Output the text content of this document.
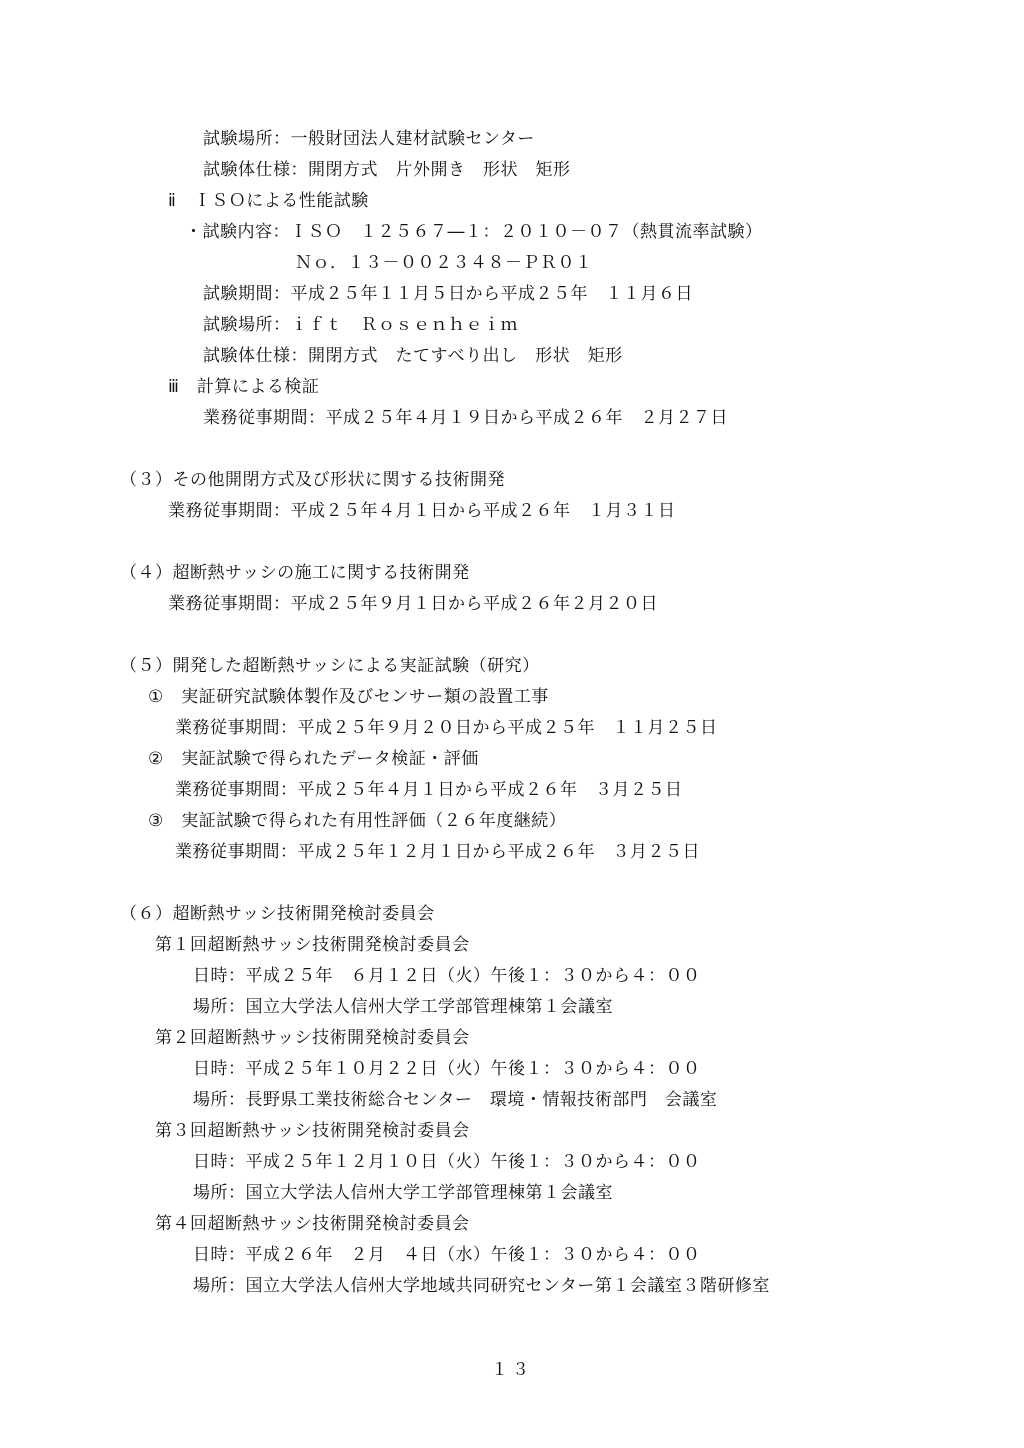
試験場所：一般財団法人建材試験センター
試験体仕様：開閉方式　片外開き　形状　矩形
ⅱ　ＩＳＯによる性能試験
・試験内容：ＩＳＯ　１２５６７―１：２０１０－０７（熱貫流率試験）
Ｎｏ．１３－００２３４８－ＰＲ０１
試験期間：平成２５年１１月５日から平成２５年　１１月６日
試験場所：ｉｆｔ　Ｒｏｓｅｎｈｅｉｍ
試験体仕様：開閉方式　たてすべり出し　形状　矩形
ⅲ　計算による検証
業務従事期間：平成２５年４月１９日から平成２６年　２月２７日
（３）その他開閉方式及び形状に関する技術開発
業務従事期間：平成２５年４月１日から平成２６年　１月３１日
（４）超断熱サッシの施工に関する技術開発
業務従事期間：平成２５年９月１日から平成２６年２月２０日
（５）開発した超断熱サッシによる実証試験（研究）
①　実証研究試験体製作及びセンサー類の設置工事
業務従事期間：平成２５年９月２０日から平成２５年　１１月２５日
②　実証試験で得られたデータ検証・評価
業務従事期間：平成２５年４月１日から平成２６年　３月２５日
③　実証試験で得られた有用性評価（２６年度継続）
業務従事期間：平成２５年１２月１日から平成２６年　３月２５日
（６）超断熱サッシ技術開発検討委員会
第１回超断熱サッシ技術開発検討委員会
日時：平成２５年　６月１２日（火）午後１：３０から４：００
場所：国立大学法人信州大学工学部管理棟第１会議室
第２回超断熱サッシ技術開発検討委員会
日時：平成２５年１０月２２日（火）午後１：３０から４：００
場所：長野県工業技術総合センター　環境・情報技術部門　会議室
第３回超断熱サッシ技術開発検討委員会
日時：平成２５年１２月１０日（火）午後１：３０から４：００
場所：国立大学法人信州大学工学部管理棟第１会議室
第４回超断熱サッシ技術開発検討委員会
日時：平成２６年　２月　４日（水）午後１：３０から４：００
場所：国立大学法人信州大学地域共同研究センター第１会議室３階研修室
１３
